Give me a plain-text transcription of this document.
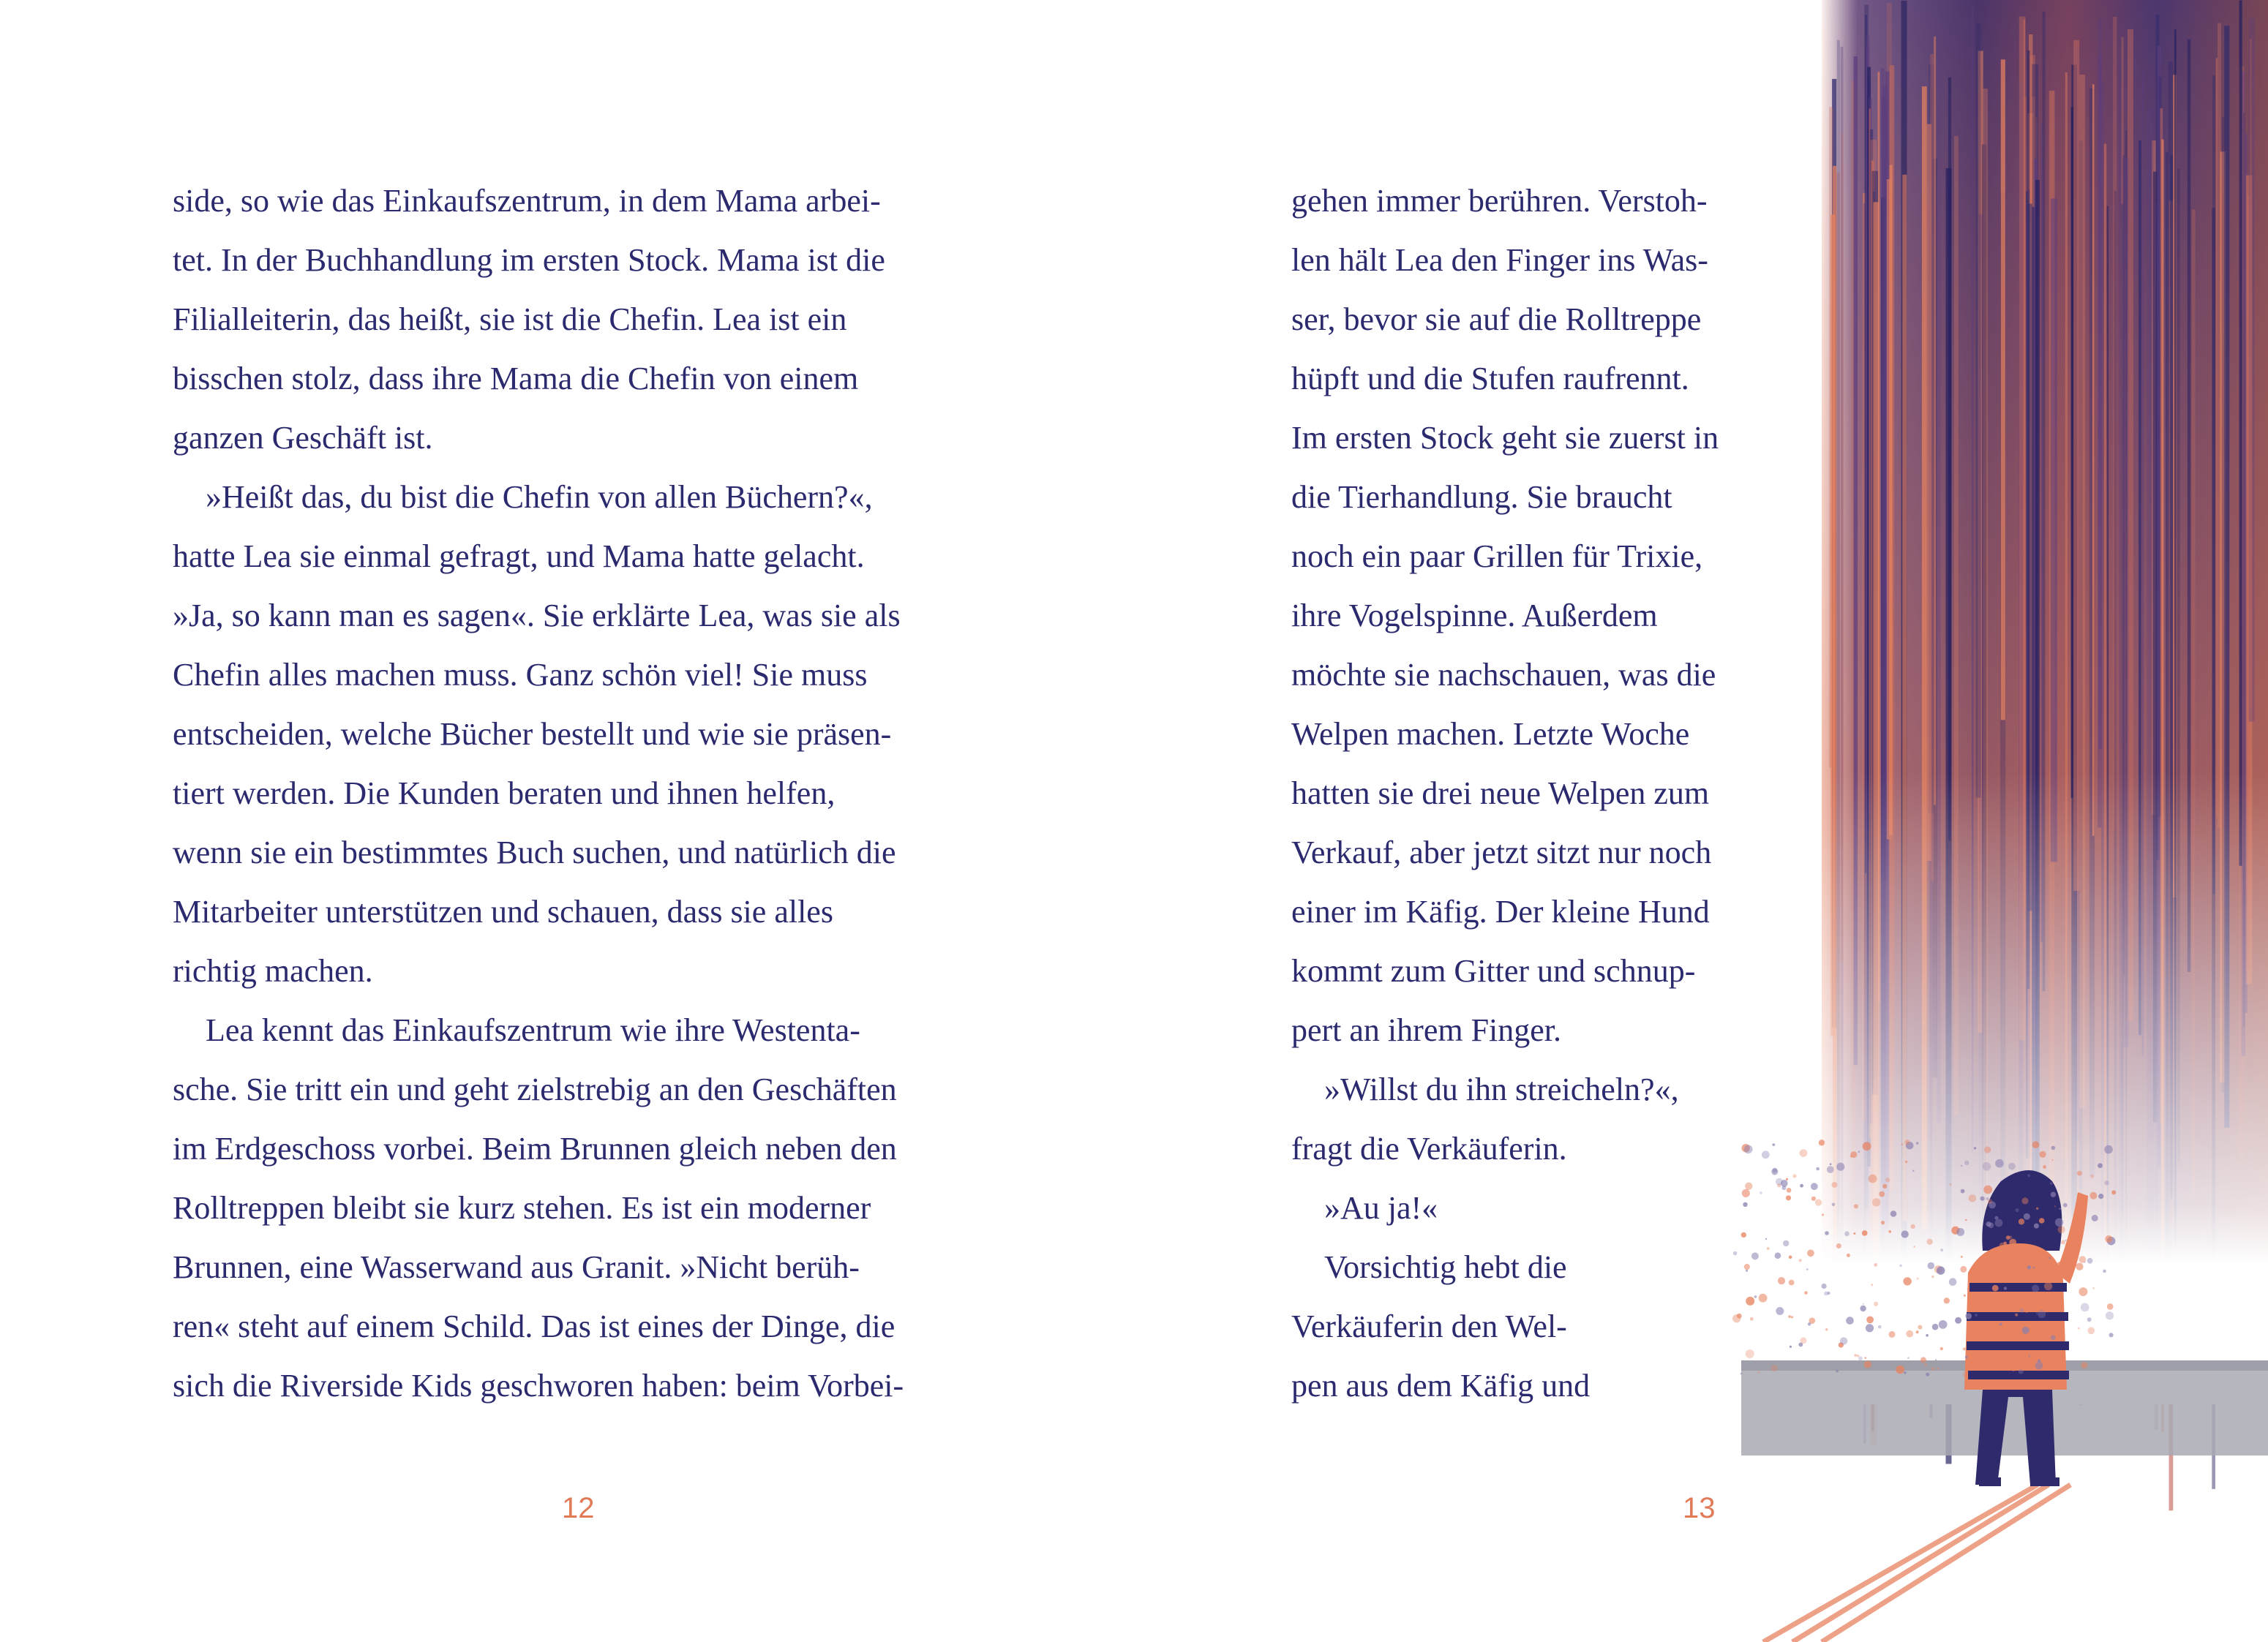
side, so wie das Einkaufszentrum, in dem Mama arbei-
tet. In der Buchhandlung im ersten Stock. Mama ist die
Filialleiterin, das heißt, sie ist die Chefin. Lea ist ein
bisschen stolz, dass ihre Mama die Chefin von einem
ganzen Geschäft ist.
»Heißt das, du bist die Chefin von allen Büchern?«,
hatte Lea sie einmal gefragt, und Mama hatte gelacht.
»Ja, so kann man es sagen«. Sie erklärte Lea, was sie als
Chefin alles machen muss. Ganz schön viel! Sie muss
entscheiden, welche Bücher bestellt und wie sie präsen-
tiert werden. Die Kunden beraten und ihnen helfen,
wenn sie ein bestimmtes Buch suchen, und natürlich die
Mitarbeiter unterstützen und schauen, dass sie alles
richtig machen.
Lea kennt das Einkaufszentrum wie ihre Westenta-
sche. Sie tritt ein und geht zielstrebig an den Geschäften
im Erdgeschoss vorbei. Beim Brunnen gleich neben den
Rolltreppen bleibt sie kurz stehen. Es ist ein moderner
Brunnen, eine Wasserwand aus Granit. »Nicht berüh-
ren« steht auf einem Schild. Das ist eines der Dinge, die
sich die Riverside Kids geschworen haben: beim Vorbei-
12
gehen immer berühren. Verstoh-
len hält Lea den Finger ins Was-
ser, bevor sie auf die Rolltreppe
hüpft und die Stufen raufrennt.
Im ersten Stock geht sie zuerst in
die Tierhandlung. Sie braucht
noch ein paar Grillen für Trixie,
ihre Vogelspinne. Außerdem
möchte sie nachschauen, was die
Welpen machen. Letzte Woche
hatten sie drei neue Welpen zum
Verkauf, aber jetzt sitzt nur noch
einer im Käfig. Der kleine Hund
kommt zum Gitter und schnup-
pert an ihrem Finger.
»Willst du ihn streicheln?«,
fragt die Verkäuferin.
»Au ja!«
Vorsichtig hebt die
Verkäuferin den Wel-
pen aus dem Käfig und
13
